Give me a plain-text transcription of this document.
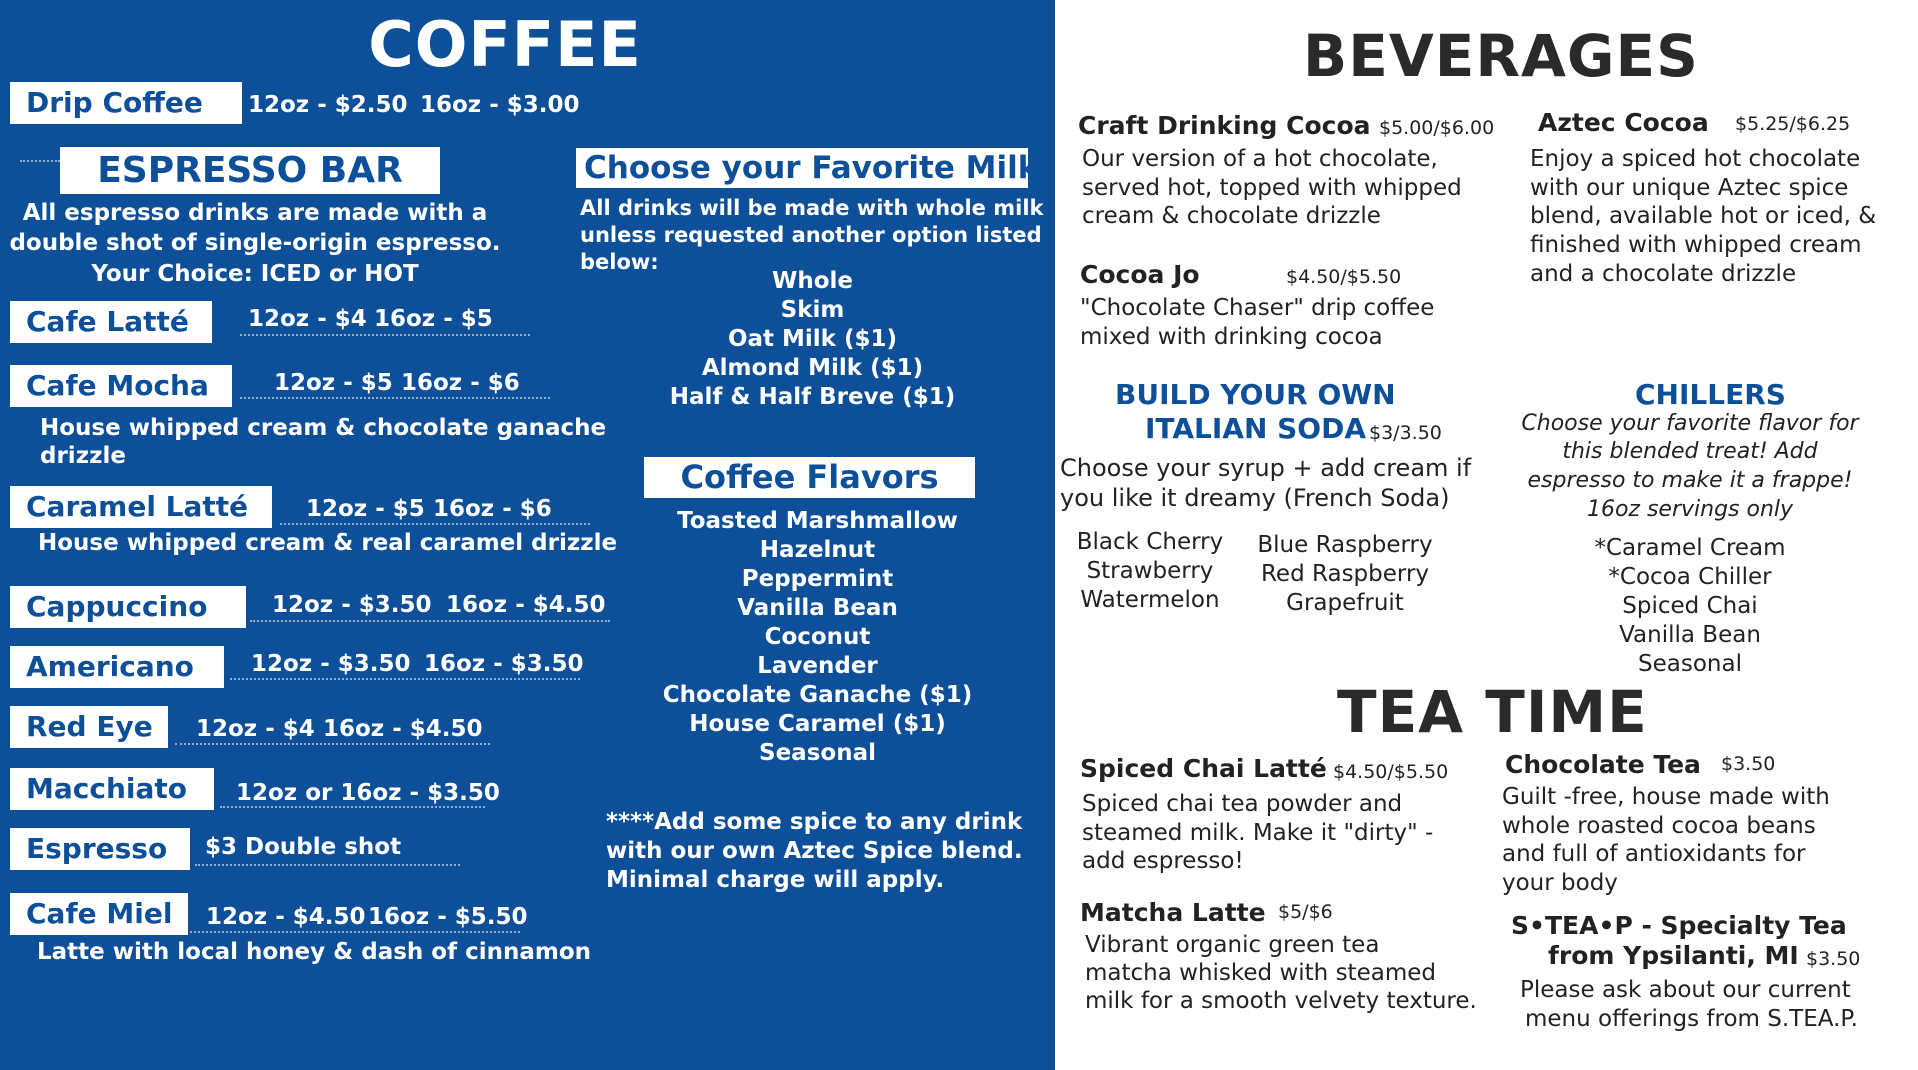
COFFEE
Drip Coffee	12oz - $2.50 16oz - $3.00
ESPRESSO BAR
All espresso drinks are made with a
double shot of single-origin espresso.
Your Choice: ICED or HOT
Cafe Latté	12oz - $4 16oz - $5
Cafe Mocha	12oz - $5 16oz - $6
House whipped cream & chocolate ganache
drizzle
Caramel Latté	12oz - $5 16oz - $6
House whipped cream & real caramel drizzle
Cappuccino	12oz - $3.50 16oz - $4.50
Americano	12oz - $3.50 16oz - $3.50
Red Eye	12oz - $4 16oz - $4.50
Macchiato	12oz or 16oz - $3.50
Espresso	$3 Double shot
Cafe Miel	12oz - $4.50 16oz - $5.50
Latte with local honey & dash of cinnamon
Choose your Favorite Milk
All drinks will be made with whole milk
unless requested another option listed
below:
Whole
Skim
Oat Milk ($1)
Almond Milk ($1)
Half & Half Breve ($1)
Coffee Flavors
Toasted Marshmallow
Hazelnut
Peppermint
Vanilla Bean
Coconut
Lavender
Chocolate Ganache ($1)
House Caramel ($1)
Seasonal
****Add some spice to any drink
with our own Aztec Spice blend.
Minimal charge will apply.
BEVERAGES
Craft Drinking Cocoa $5.00/$6.00
Our version of a hot chocolate,
served hot, topped with whipped
cream & chocolate drizzle
Aztec Cocoa $5.25/$6.25
Enjoy a spiced hot chocolate
with our unique Aztec spice
blend, available hot or iced, &
finished with whipped cream
and a chocolate drizzle
Cocoa Jo	$4.50/$5.50
"Chocolate Chaser" drip coffee
mixed with drinking cocoa
BUILD YOUR OWN
ITALIAN SODA $3/3.50
Choose your syrup + add cream if
you like it dreamy (French Soda)
Black Cherry
Strawberry
Watermelon
Blue Raspberry
Red Raspberry
Grapefruit
CHILLERS
Choose your favorite flavor for
this blended treat! Add
espresso to make it a frappe!
16oz servings only
*Caramel Cream
*Cocoa Chiller
Spiced Chai
Vanilla Bean
Seasonal
TEA TIME
Spiced Chai Latté $4.50/$5.50
Spiced chai tea powder and
steamed milk. Make it "dirty" -
add espresso!
Chocolate Tea $3.50
Guilt -free, house made with
whole roasted cocoa beans
and full of antioxidants for
your body
Matcha Latte $5/$6
Vibrant organic green tea
matcha whisked with steamed
milk for a smooth velvety texture.
S•TEA•P - Specialty Tea
from Ypsilanti, MI $3.50
Please ask about our current
menu offerings from S.TEA.P.
